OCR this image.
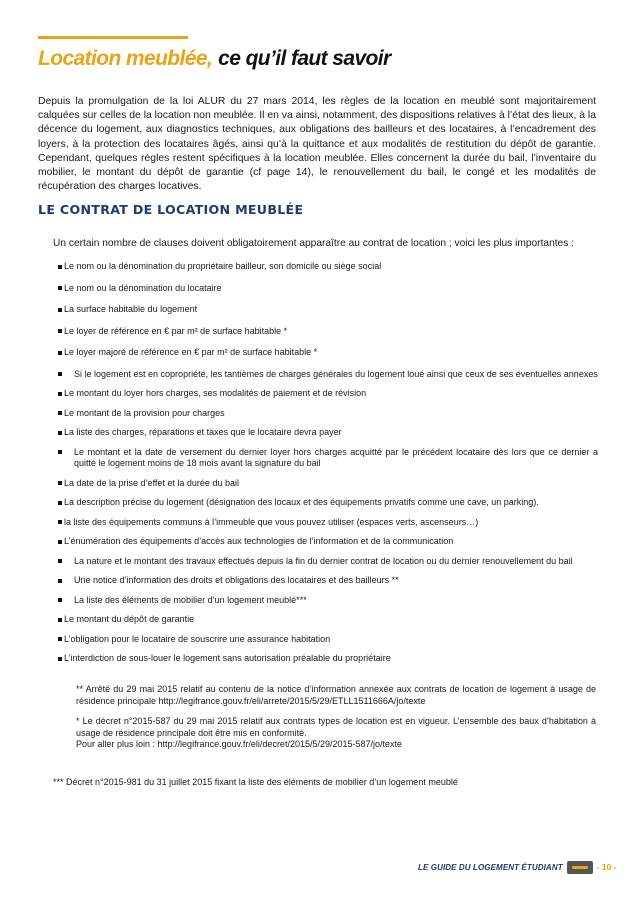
Location meublée, ce qu’il faut savoir

Depuis la promulgation de la loi ALUR du 27 mars 2014, les règles de la location en meublé sont majoritairement calquées sur celles de la location non meublée. Il en va ainsi, notamment, des dispositions relatives à l’état des lieux, à la décence du logement, aux diagnostics techniques, aux obligations des bailleurs et des locataires, à l’encadrement des loyers, à la protection des locataires âgés, ainsi qu’à la quittance et aux modalités de restitution du dépôt de garantie. Cependant, quelques règles restent spécifiques à la location meublée. Elles concernent la durée du bail, l’inventaire du mobilier, le montant du dépôt de garantie (cf page 14), le renouvellement du bail, le congé et les modalités de récupération des charges locatives.

LE CONTRAT DE LOCATION MEUBLÉE

Un certain nombre de clauses doivent obligatoirement apparaître au contrat de location ; voici les plus importantes :

Le nom ou la dénomination du propriétaire bailleur, son domicile ou siège social
Le nom ou la dénomination du locataire
La surface habitable du logement
Le loyer de référence en € par m² de surface habitable *
Le loyer majoré de référence en € par m² de surface habitable *
Si le logement est en copropriété, les tantièmes de charges générales du logement loué ainsi que ceux de ses éventuelles annexes
Le montant du loyer hors charges, ses modalités de paiement et de révision
Le montant de la provision pour charges
La liste des charges, réparations et taxes que le locataire devra payer
Le montant et la date de versement du dernier loyer hors charges acquitté par le précédent locataire dès lors que ce dernier a quitté le logement moins de 18 mois avant la signature du bail
La date de la prise d’effet et la durée du bail
La description précise du logement (désignation des locaux et des équipements privatifs comme une cave, un parking).
la liste des équipements communs à l’immeuble que vous pouvez utiliser (espaces verts, ascenseurs…)
L’énumération des équipements d’accès aux technologies de l’information et de la communication
La nature et le montant des travaux effectués depuis la fin du dernier contrat de location ou du dernier renouvellement du bail
Une notice d’information des droits et obligations des locataires et des bailleurs **
La liste des éléments de mobilier d’un logement meublé***
Le montant du dépôt de garantie
L’obligation pour le locataire de souscrire une assurance habitation
L’interdiction de sous-louer le logement sans autorisation préalable du propriétaire

** Arrêté du 29 mai 2015 relatif au contenu de la notice d’information annexée aux contrats de location de logement à usage de résidence principale http://legifrance.gouv.fr/eli/arrete/2015/5/29/ETLL1511666A/jo/texte

* Le décret n°2015-587 du 29 mai 2015 relatif aux contrats types de location est en vigueur. L’ensemble des baux d’habitation à usage de résidence principale doit être mis en conformité.

Pour aller plus loin : http://legifrance.gouv.fr/eli/decret/2015/5/29/2015-587/jo/texte

*** Décret n°2015-981 du 31 juillet 2015 fixant la liste des éléments de mobilier d’un logement meublé

LE GUIDE DU LOGEMENT ÉTUDIANT	- 10 -
